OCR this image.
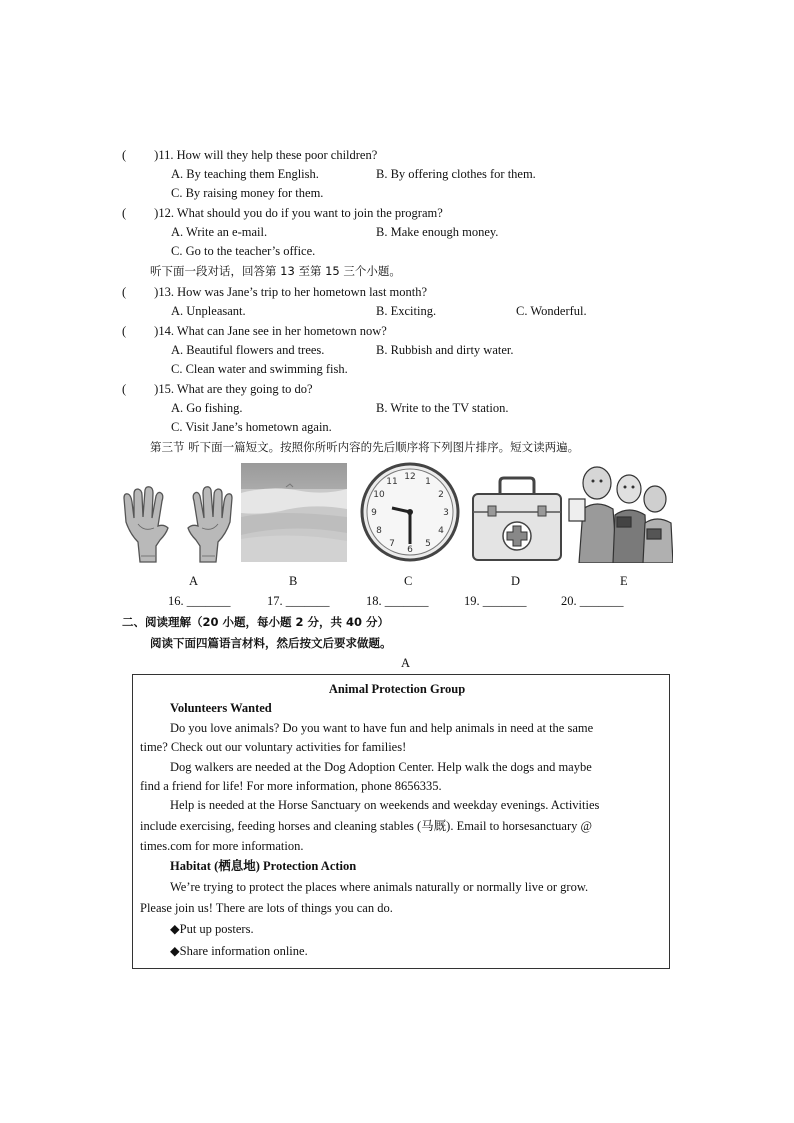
( )11. How will they help these poor children?
A. By teaching them English.	B. By offering clothes for them.
C. By raising money for them.
( )12. What should you do if you want to join the program?
A. Write an e-mail.	B. Make enough money.
C. Go to the teacher’s office.
听下面一段对话，回答第 13 至第 15 三个小题。
( )13. How was Jane’s trip to her hometown last month?
A. Unpleasant.	B. Exciting.	C. Wonderful.
( )14. What can Jane see in her hometown now?
A. Beautiful flowers and trees.	B. Rubbish and dirty water.
C. Clean water and swimming fish.
( )15. What are they going to do?
A. Go fishing.	B. Write to the TV station.
C. Visit Jane’s hometown again.
第三节 听下面一篇短文。按照你所听内容的先后顺序将下列图片排序。短文读两遍。
12 1
2
3
4
5
6
7
8
9
10
11
A	B	C	D	E
16. _______	17. _______	18. _______	19. _______	20. _______
二、阅读理解（20 小题，每小题 2 分，共 40 分）
阅读下面四篇语言材料，然后按文后要求做题。
A
Animal Protection Group
Volunteers Wanted
Do you love animals? Do you want to have fun and help animals in need at the same
time? Check out our voluntary activities for families!
Dog walkers are needed at the Dog Adoption Center. Help walk the dogs and maybe
find a friend for life! For more information, phone 8656335.
Help is needed at the Horse Sanctuary on weekends and weekday evenings. Activities
include exercising, feeding horses and cleaning stables (马厩). Email to horsesanctuary @
times.com for more information.
Habitat (栖息地) Protection Action
We’re trying to protect the places where animals naturally or normally live or grow.
Please join us! There are lots of things you can do.
◆Put up posters.
◆Share information online.
